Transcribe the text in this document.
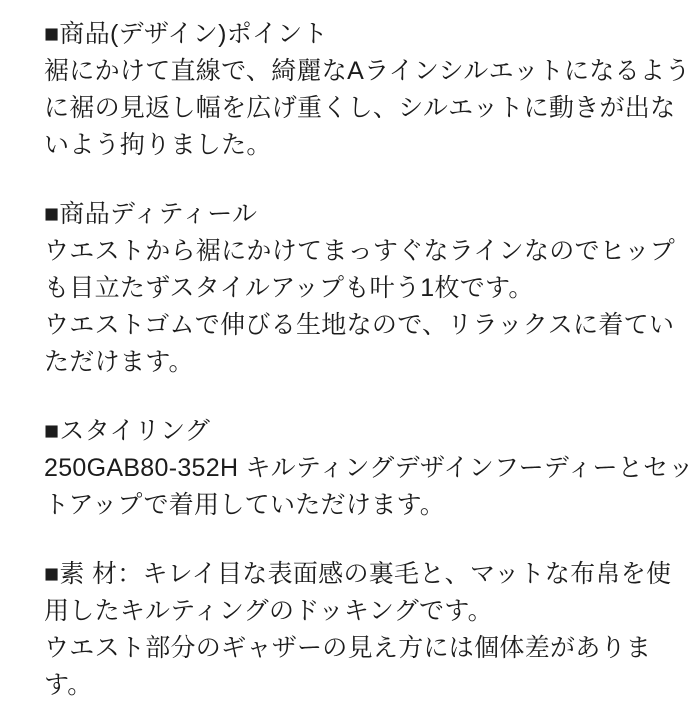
■商品(デザイン)ポイント
裾にかけて直線で、綺麗なAラインシルエットになるよう
に裾の見返し幅を広げ重くし、シルエットに動きが出な
いよう拘りました。
■商品ディティール
ウエストから裾にかけてまっすぐなラインなのでヒップ
も目立たずスタイルアップも叶う1枚です。
ウエストゴムで伸びる生地なので、リラックスに着てい
ただけます。
■スタイリング
250GAB80-352H キルティングデザインフーディーとセッ
トアップで着用していただけます。
■素 材：キレイ目な表面感の裏毛と、マットな布帛を使
用したキルティングのドッキングです。
ウエスト部分のギャザーの見え方には個体差がありま
す。
